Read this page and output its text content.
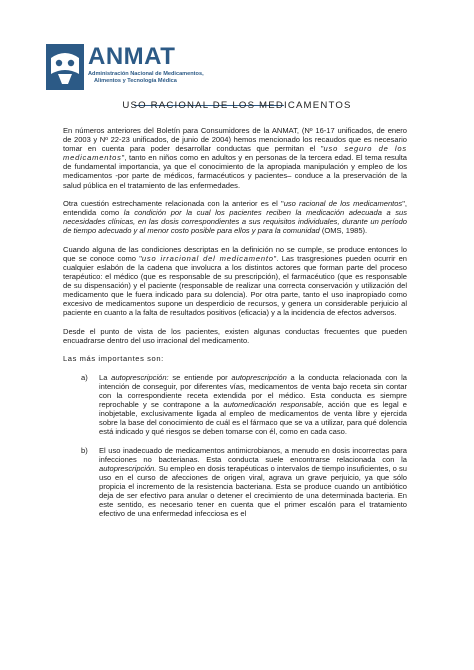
ANMAT
Administración Nacional de Medicamentos,
Alimentos y Tecnología Médica
USO RACIONAL DE LOS MEDICAMENTOS

En números anteriores del Boletín para Consumidores de la ANMAT, (Nº 16-17 unificados, de enero de 2003 y Nº 22-23 unificados, de junio de 2004) hemos mencionado los recaudos que es necesario tomar en cuenta para poder desarrollar conductas que permitan el "uso seguro de los medicamentos", tanto en niños como en adultos y en personas de la tercera edad. El tema resulta de fundamental importancia, ya que el conocimiento de la apropiada manipulación y empleo de los medicamentos -por parte de médicos, farmacéuticos y pacientes– conduce a la preservación de la salud pública en el tratamiento de las enfermedades.

Otra cuestión estrechamente relacionada con la anterior es el "uso racional de los medicamentos", entendida como la condición por la cual los pacientes reciben la medicación adecuada a sus necesidades clínicas, en las dosis correspondientes a sus requisitos individuales, durante un período de tiempo adecuado y al menor costo posible para ellos y para la comunidad (OMS, 1985).

Cuando alguna de las condiciones descriptas en la definición no se cumple, se produce entonces lo que se conoce como "uso irracional del medicamento". Las trasgresiones pueden ocurrir en cualquier eslabón de la cadena que involucra a los distintos actores que forman parte del proceso terapéutico: el médico (que es responsable de su prescripción), el farmacéutico (que es responsable de su dispensación) y el paciente (responsable de realizar una correcta conservación y utilización del medicamento que le fuera indicado para su dolencia). Por otra parte, tanto el uso inapropiado como excesivo de medicamentos supone un desperdicio de recursos, y genera un considerable perjuicio al paciente en cuanto a la falta de resultados positivos (eficacia) y a la incidencia de efectos adversos.

Desde el punto de vista de los pacientes, existen algunas conductas frecuentes que pueden encuadrarse dentro del uso irracional del medicamento.

Las más importantes son:

a)	La autoprescripción: se entiende por autoprescripción a la conducta relacionada con la intención de conseguir, por diferentes vías, medicamentos de venta bajo receta sin contar con la correspondiente receta extendida por el médico. Esta conducta es siempre reprochable y se contrapone a la automedicación responsable, acción que es legal e inobjetable, exclusivamente ligada al empleo de medicamentos de venta libre y ejercida sobre la base del conocimiento de cuál es el fármaco que se va a utilizar, para qué dolencia está indicado y qué riesgos se deben tomarse con él, como en cada caso.
b)	El uso inadecuado de medicamentos antimicrobianos, a menudo en dosis incorrectas para infecciones no bacterianas. Esta conducta suele encontrarse relacionada con la autoprescripción. Su empleo en dosis terapéuticas o intervalos de tiempo insuficientes, o su uso en el curso de afecciones de origen viral, agrava un grave perjuicio, ya que sólo propicia el incremento de la resistencia bacteriana. Esta se produce cuando un antibiótico deja de ser efectivo para anular o detener el crecimiento de una determinada bacteria. En este sentido, es necesario tener en cuenta que el primer escalón para el tratamiento efectivo de una enfermedad infecciosa es el
